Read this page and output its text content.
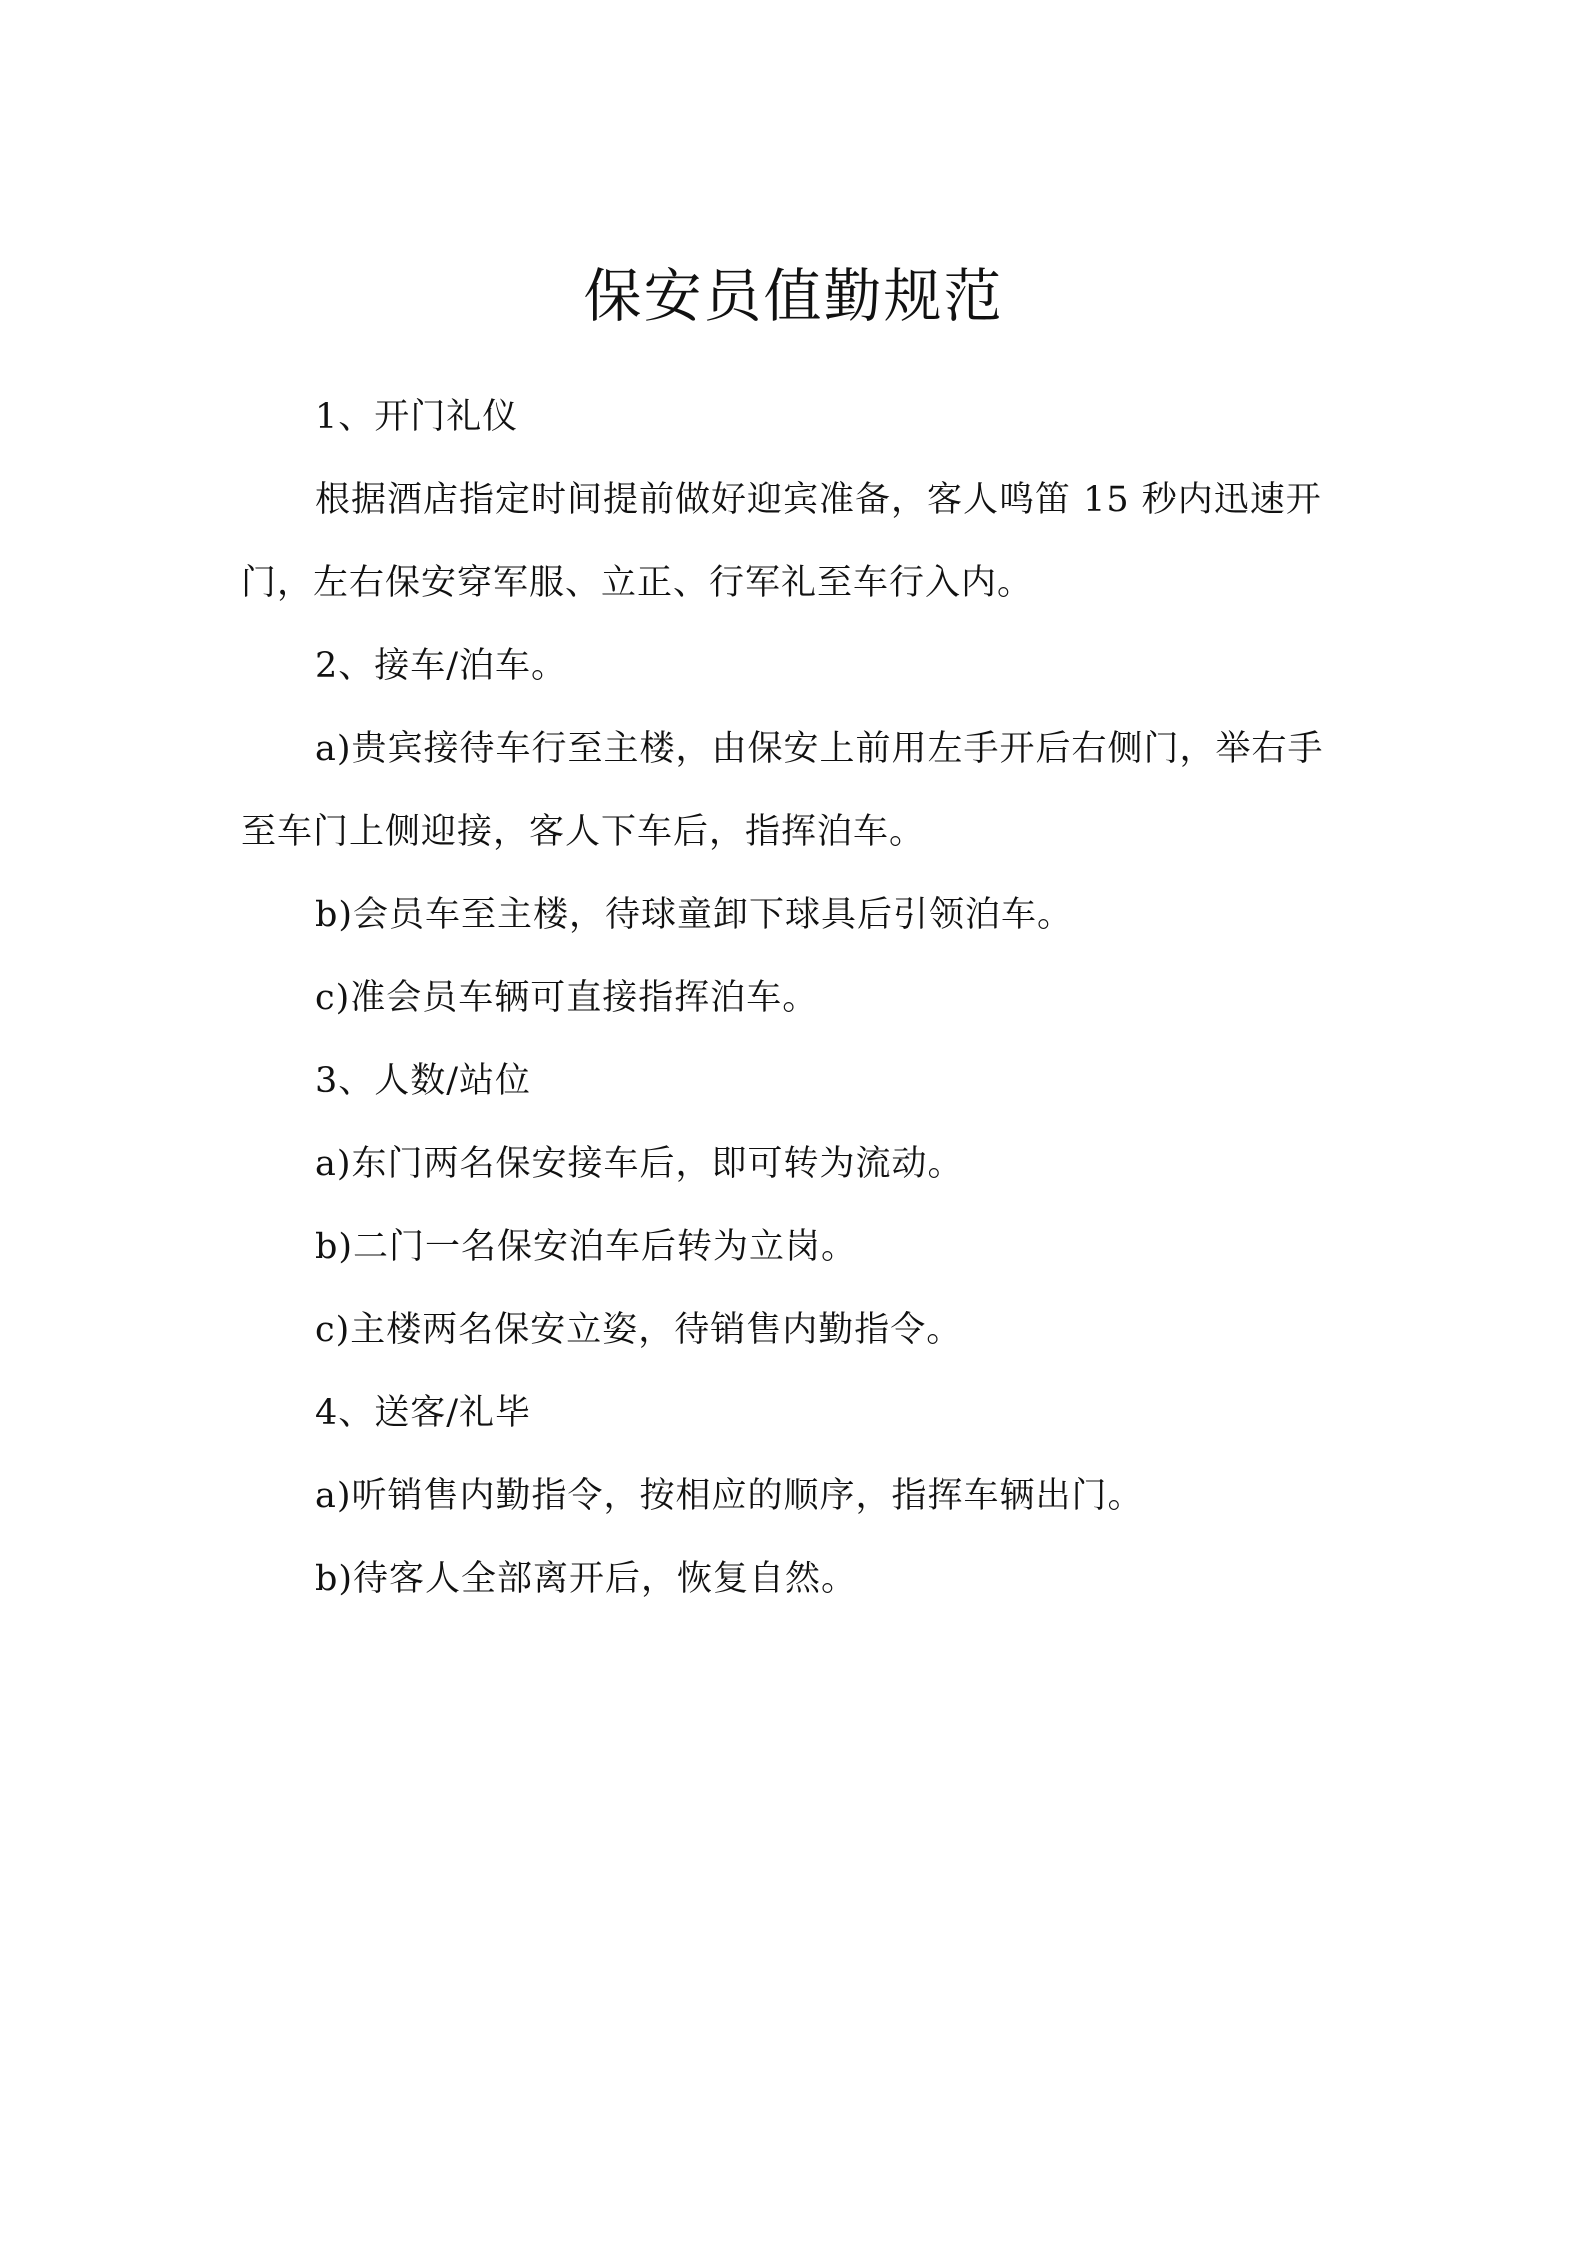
保安员值勤规范

1、开门礼仪

根据酒店指定时间提前做好迎宾准备，客人鸣笛 15 秒内迅速开门，左右保安穿军服、立正、行军礼至车行入内。

2、接车/泊车。

a)贵宾接待车行至主楼，由保安上前用左手开后右侧门，举右手至车门上侧迎接，客人下车后，指挥泊车。

b)会员车至主楼，待球童卸下球具后引领泊车。

c)准会员车辆可直接指挥泊车。

3、人数/站位

a)东门两名保安接车后，即可转为流动。

b)二门一名保安泊车后转为立岗。

c)主楼两名保安立姿，待销售内勤指令。

4、送客/礼毕

a)听销售内勤指令，按相应的顺序，指挥车辆出门。

b)待客人全部离开后，恢复自然。
